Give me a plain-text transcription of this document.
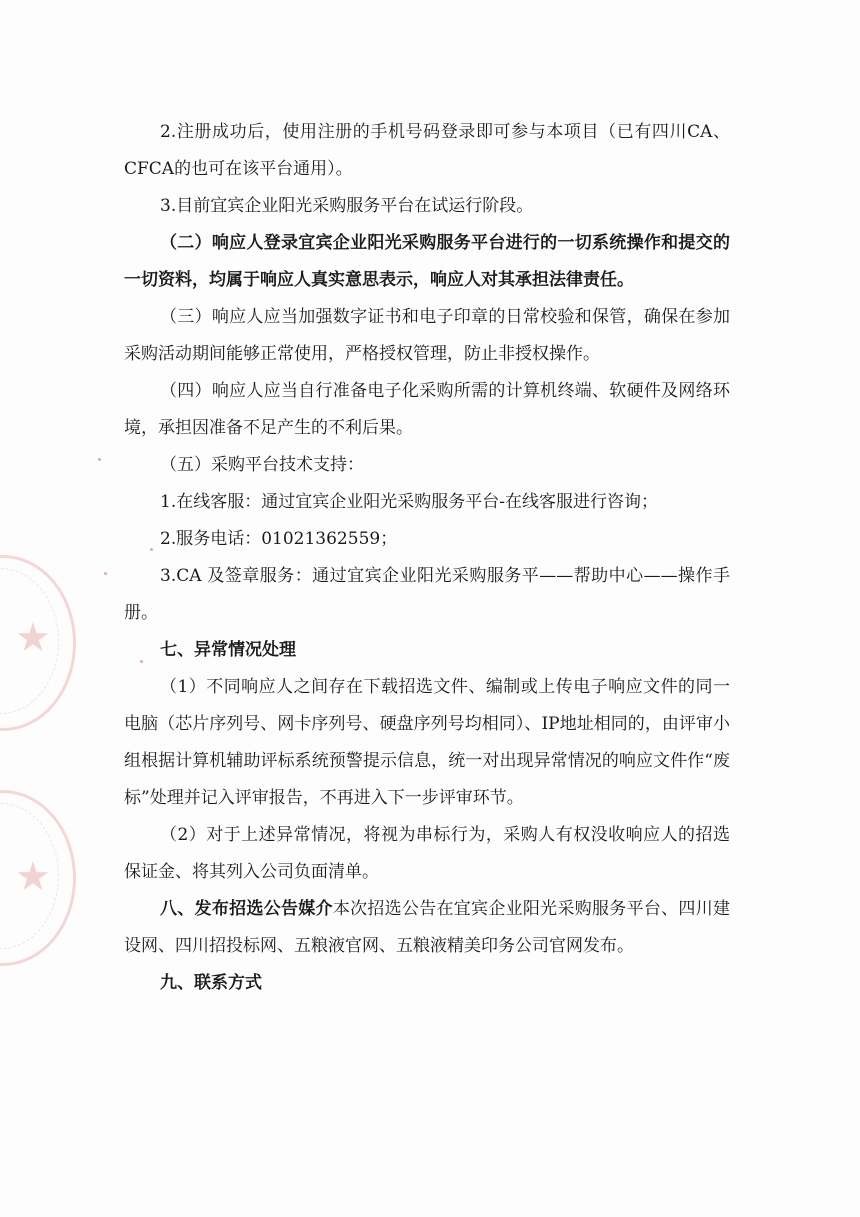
★
★

2.注册成功后，使用注册的手机号码登录即可参与本项目（已有四川CA、CFCA的也可在该平台通用）。

3.目前宜宾企业阳光采购服务平台在试运行阶段。

（二）响应人登录宜宾企业阳光采购服务平台进行的一切系统操作和提交的一切资料，均属于响应人真实意思表示，响应人对其承担法律责任。

（三）响应人应当加强数字证书和电子印章的日常校验和保管，确保在参加采购活动期间能够正常使用，严格授权管理，防止非授权操作。

（四）响应人应当自行准备电子化采购所需的计算机终端、软硬件及网络环境，承担因准备不足产生的不利后果。

（五）采购平台技术支持：

1.在线客服：通过宜宾企业阳光采购服务平台-在线客服进行咨询；

2.服务电话：01021362559；

3.CA 及签章服务：通过宜宾企业阳光采购服务平——帮助中心——操作手册。

七、异常情况处理

（1）不同响应人之间存在下载招选文件、编制或上传电子响应文件的同一电脑（芯片序列号、网卡序列号、硬盘序列号均相同）、IP地址相同的，由评审小组根据计算机辅助评标系统预警提示信息，统一对出现异常情况的响应文件作“废标”处理并记入评审报告，不再进入下一步评审环节。

（2）对于上述异常情况，将视为串标行为，采购人有权没收响应人的招选保证金、将其列入公司负面清单。

八、发布招选公告媒介本次招选公告在宜宾企业阳光采购服务平台、四川建设网、四川招投标网、五粮液官网、五粮液精美印务公司官网发布。

九、联系方式
